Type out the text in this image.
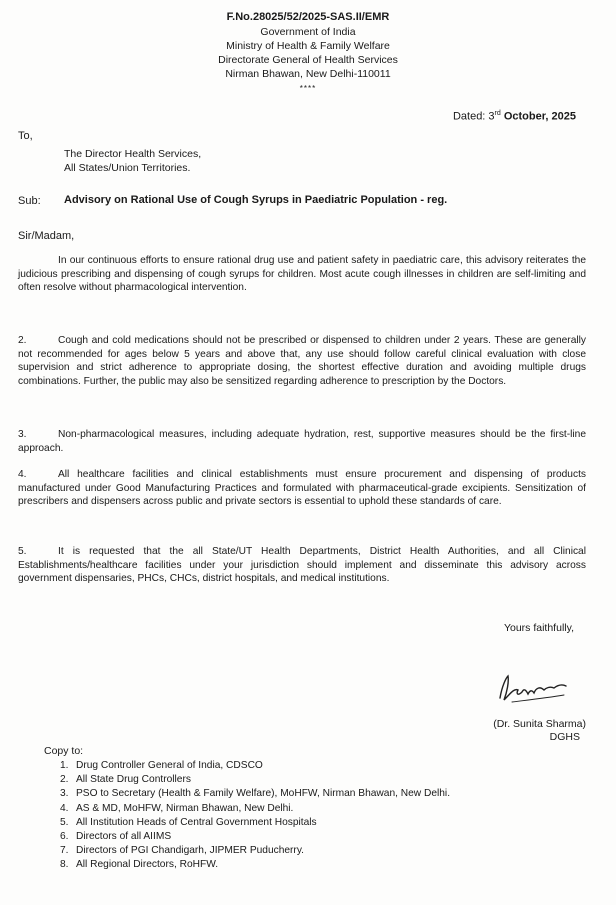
F.No.28025/52/2025-SAS.II/EMR
Government of India
Ministry of Health & Family Welfare
Directorate General of Health Services
Nirman Bhawan, New Delhi-110011
****
Dated: 3rd October, 2025
To,
The Director Health Services,
All States/Union Territories.
Sub: Advisory on Rational Use of Cough Syrups in Paediatric Population - reg.
Sir/Madam,
In our continuous efforts to ensure rational drug use and patient safety in paediatric care, this advisory reiterates the judicious prescribing and dispensing of cough syrups for children. Most acute cough illnesses in children are self-limiting and often resolve without pharmacological intervention.
2.	Cough and cold medications should not be prescribed or dispensed to children under 2 years. These are generally not recommended for ages below 5 years and above that, any use should follow careful clinical evaluation with close supervision and strict adherence to appropriate dosing, the shortest effective duration and avoiding multiple drugs combinations. Further, the public may also be sensitized regarding adherence to prescription by the Doctors.
3.	Non-pharmacological measures, including adequate hydration, rest, supportive measures should be the first-line approach.
4.	All healthcare facilities and clinical establishments must ensure procurement and dispensing of products manufactured under Good Manufacturing Practices and formulated with pharmaceutical-grade excipients. Sensitization of prescribers and dispensers across public and private sectors is essential to uphold these standards of care.
5.	It is requested that the all State/UT Health Departments, District Health Authorities, and all Clinical Establishments/healthcare facilities under your jurisdiction should implement and disseminate this advisory across government dispensaries, PHCs, CHCs, district hospitals, and medical institutions.
Yours faithfully,
(Dr. Sunita Sharma)
DGHS
Copy to:
1. Drug Controller General of India, CDSCO
2. All State Drug Controllers
3. PSO to Secretary (Health & Family Welfare), MoHFW, Nirman Bhawan, New Delhi.
4. AS & MD, MoHFW, Nirman Bhawan, New Delhi.
5. All Institution Heads of Central Government Hospitals
6. Directors of all AIIMS
7. Directors of PGI Chandigarh, JIPMER Puducherry.
8. All Regional Directors, RoHFW.
